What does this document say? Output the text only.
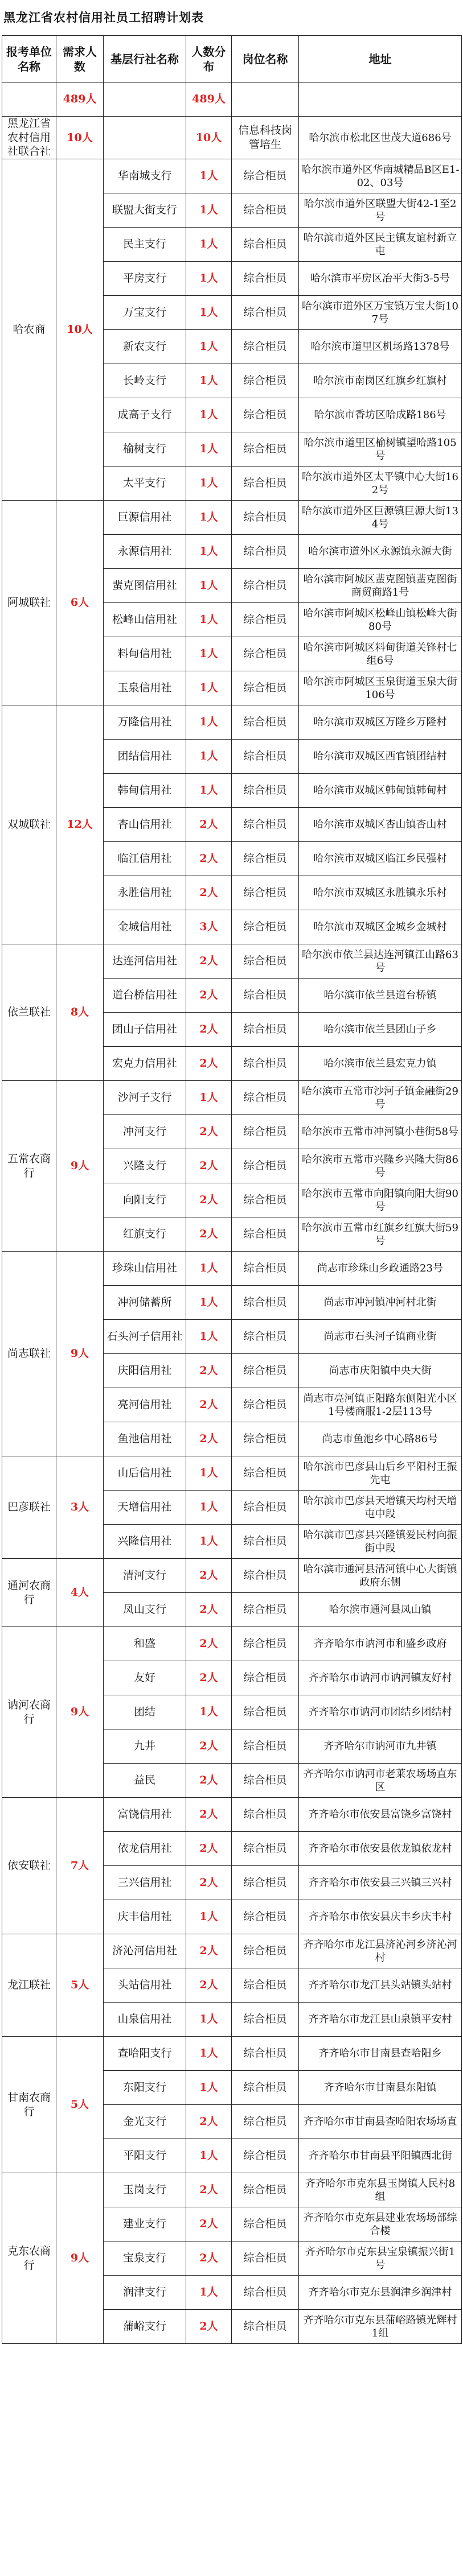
黑龙江省农村信用社员工招聘计划表
报考单位名称	需求人数	基层行社名称	人数分布	岗位名称	地址
	489人		489人		
黑龙江省农村信用社联合社	10人		10人	信息科技岗管培生	哈尔滨市松北区世茂大道686号
哈农商	10人	华南城支行	1人	综合柜员	哈尔滨市道外区华南城精品B区E1-02、03号
		联盟大街支行	1人	综合柜员	哈尔滨市道外区联盟大街42-1至2号
		民主支行	1人	综合柜员	哈尔滨市道外区民主镇友谊村新立屯
		平房支行	1人	综合柜员	哈尔滨市平房区冶平大街3-5号
		万宝支行	1人	综合柜员	哈尔滨市道外区万宝镇万宝大街107号
		新农支行	1人	综合柜员	哈尔滨市道里区机场路1378号
		长岭支行	1人	综合柜员	哈尔滨市南岗区红旗乡红旗村
		成高子支行	1人	综合柜员	哈尔滨市香坊区哈成路186号
		榆树支行	1人	综合柜员	哈尔滨市道里区榆树镇望哈路105号
		太平支行	1人	综合柜员	哈尔滨市道外区太平镇中心大街162号
阿城联社	6人	巨源信用社	1人	综合柜员	哈尔滨市道外区巨源镇巨源大街134号
		永源信用社	1人	综合柜员	哈尔滨市道外区永源镇永源大街
		蜚克图信用社	1人	综合柜员	哈尔滨市阿城区蜚克图镇蜚克图街商贸商路1号
		松峰山信用社	1人	综合柜员	哈尔滨市阿城区松峰山镇松峰大街80号
		料甸信用社	1人	综合柜员	哈尔滨市阿城区料甸街道关锋村七组6号
		玉泉信用社	1人	综合柜员	哈尔滨市阿城区玉泉街道玉泉大街106号
双城联社	12人	万隆信用社	1人	综合柜员	哈尔滨市双城区万隆乡万隆村
		团结信用社	1人	综合柜员	哈尔滨市双城区西官镇团结村
		韩甸信用社	1人	综合柜员	哈尔滨市双城区韩甸镇韩甸村
		杏山信用社	2人	综合柜员	哈尔滨市双城区杏山镇杏山村
		临江信用社	2人	综合柜员	哈尔滨市双城区临江乡民强村
		永胜信用社	2人	综合柜员	哈尔滨市双城区永胜镇永乐村
		金城信用社	3人	综合柜员	哈尔滨市双城区金城乡金城村
依兰联社	8人	达连河信用社	2人	综合柜员	哈尔滨市依兰县达连河镇江山路63号
		道台桥信用社	2人	综合柜员	哈尔滨市依兰县道台桥镇
		团山子信用社	2人	综合柜员	哈尔滨市依兰县团山子乡
		宏克力信用社	2人	综合柜员	哈尔滨市依兰县宏克力镇
五常农商行	9人	沙河子支行	1人	综合柜员	哈尔滨市五常市沙河子镇金融街29号
		冲河支行	2人	综合柜员	哈尔滨市五常市冲河镇小巷街58号
		兴隆支行	2人	综合柜员	哈尔滨市五常市兴隆乡兴隆大街86号
		向阳支行	2人	综合柜员	哈尔滨市五常市向阳镇向阳大街90号
		红旗支行	2人	综合柜员	哈尔滨市五常市红旗乡红旗大街59号
尚志联社	9人	珍珠山信用社	1人	综合柜员	尚志市珍珠山乡政通路23号
		冲河储蓄所	1人	综合柜员	尚志市冲河镇冲河村北街
		石头河子信用社	1人	综合柜员	尚志市石头河子镇商业街
		庆阳信用社	2人	综合柜员	尚志市庆阳镇中央大街
		亮河信用社	2人	综合柜员	尚志市亮河镇正阳路东侧阳光小区1号楼商服1-2层113号
		鱼池信用社	2人	综合柜员	尚志市鱼池乡中心路86号
巴彦联社	3人	山后信用社	1人	综合柜员	哈尔滨市巴彦县山后乡平阳村王振先屯
		天增信用社	1人	综合柜员	哈尔滨市巴彦县天增镇天均村天增屯中段
		兴隆信用社	1人	综合柜员	哈尔滨市巴彦县兴隆镇爱民村向振街中段
通河农商行	4人	清河支行	2人	综合柜员	哈尔滨市通河县清河镇中心大街镇政府东侧
		凤山支行	2人	综合柜员	哈尔滨市通河县凤山镇
讷河农商行	9人	和盛	2人	综合柜员	齐齐哈尔市讷河市和盛乡政府
		友好	2人	综合柜员	齐齐哈尔市讷河市讷河镇友好村
		团结	1人	综合柜员	齐齐哈尔市讷河市团结乡团结村
		九井	2人	综合柜员	齐齐哈尔市讷河市九井镇
		益民	2人	综合柜员	齐齐哈尔市讷河市老莱农场场直东区
依安联社	7人	富饶信用社	2人	综合柜员	齐齐哈尔市依安县富饶乡富饶村
		依龙信用社	2人	综合柜员	齐齐哈尔市依安县依龙镇依龙村
		三兴信用社	2人	综合柜员	齐齐哈尔市依安县三兴镇三兴村
		庆丰信用社	1人	综合柜员	齐齐哈尔市依安县庆丰乡庆丰村
龙江联社	5人	济沁河信用社	2人	综合柜员	齐齐哈尔市龙江县济沁河乡济沁河村
		头站信用社	2人	综合柜员	齐齐哈尔市龙江县头站镇头站村
		山泉信用社	1人	综合柜员	齐齐哈尔市龙江县山泉镇平安村
甘南农商行	5人	查哈阳支行	1人	综合柜员	齐齐哈尔市甘南县查哈阳乡
		东阳支行	1人	综合柜员	齐齐哈尔市甘南县东阳镇
		金光支行	2人	综合柜员	齐齐哈尔市甘南县查哈阳农场场直
		平阳支行	1人	综合柜员	齐齐哈尔市甘南县平阳镇西北街
克东农商行	9人	玉岗支行	2人	综合柜员	齐齐哈尔市克东县玉岗镇人民村8组
		建业支行	2人	综合柜员	齐齐哈尔市克东县建业农场场部综合楼
		宝泉支行	2人	综合柜员	齐齐哈尔市克东县宝泉镇振兴街1号
		润津支行	1人	综合柜员	齐齐哈尔市克东县润津乡润津村
		蒲峪支行	2人	综合柜员	齐齐哈尔市克东县蒲峪路镇光辉村1组
